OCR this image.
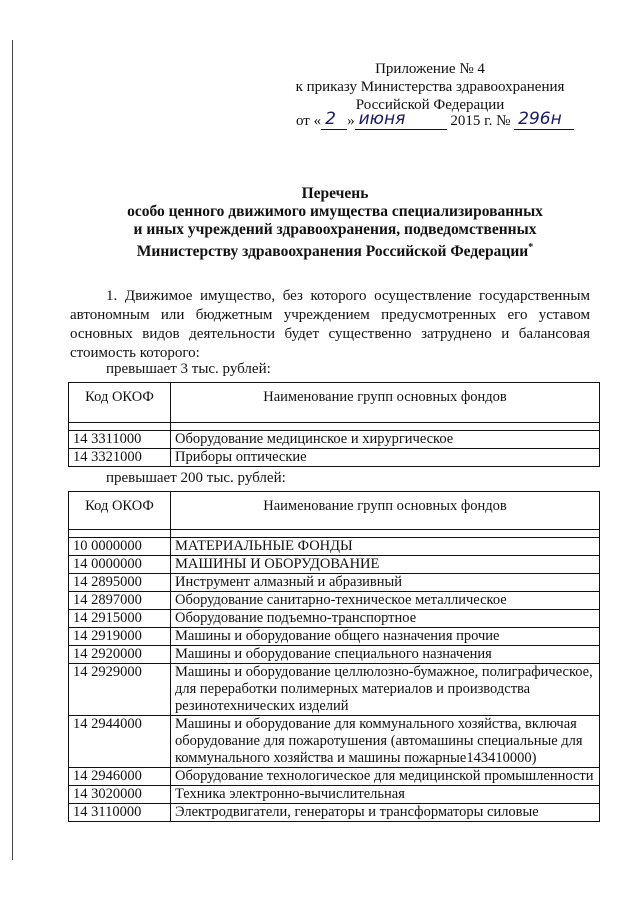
Приложение № 4
к приказу Министерства здравоохранения
Российской Федерации
от « 2 » июня	2015 г. № 296н
Перечень
особо ценного движимого имущества специализированных
и иных учреждений здравоохранения, подведомственных
Министерству здравоохранения Российской Федерации*
1. Движимое имущество, без которого осуществление государственным автономным или бюджетным учреждением предусмотренных его уставом основных видов деятельности будет существенно затруднено и балансовая стоимость которого:
превышает 3 тыс. рублей:
Код ОКОФ	Наименование групп основных фондов

14 3311000	Оборудование медицинское и хирургическое
14 3321000	Приборы оптические
превышает 200 тыс. рублей:
Код ОКОФ	Наименование групп основных фондов

10 0000000	МАТЕРИАЛЬНЫЕ ФОНДЫ
14 0000000	МАШИНЫ И ОБОРУДОВАНИЕ
14 2895000	Инструмент алмазный и абразивный
14 2897000	Оборудование санитарно-техническое металлическое
14 2915000	Оборудование подъемно-транспортное
14 2919000	Машины и оборудование общего назначения прочие
14 2920000	Машины и оборудование специального назначения
14 2929000	Машины и оборудование целлюлозно-бумажное, полиграфическое, для переработки полимерных материалов и производства резинотехнических изделий
14 2944000	Машины и оборудование для коммунального хозяйства, включая оборудование для пожаротушения (автомашины специальные для коммунального хозяйства и машины пожарные143410000)
14 2946000	Оборудование технологическое для медицинской промышленности
14 3020000	Техника электронно-вычислительная
14 3110000	Электродвигатели, генераторы и трансформаторы силовые
